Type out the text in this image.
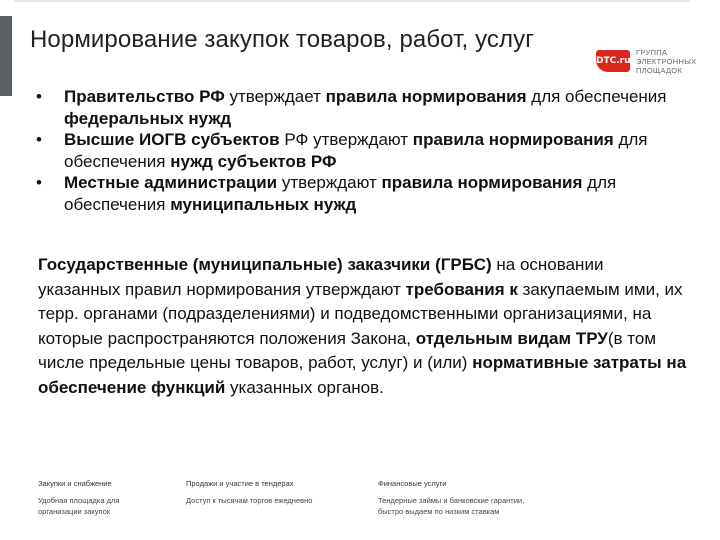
Нормирование закупок товаров, работ, услуг
DTC.ru
ГРУППА
ЭЛЕКТРОННЫХ
ПЛОЩАДОК
• Правительство РФ утверждает правила нормирования для обеспечения федеральных нужд
• Высшие ИОГВ субъектов РФ утверждают правила нормирования для обеспечения нужд субъектов РФ
• Местные администрации утверждают правила нормирования для обеспечения муниципальных нужд

Государственные (муниципальные) заказчики (ГРБС) на основании указанных правил нормирования утверждают требования к закупаемым ими, их терр. органами (подразделениями) и подведомственными организациями, на которые распространяются положения Закона, отдельным видам ТРУ(в том числе предельные цены товаров, работ, услуг) и (или) нормативные затраты на обеспечение функций указанных органов.

Закупки и снабжение
Удобная площадка для
организации закупок
Продажи и участие в тендерах
Доступ к тысячам торгов ежедневно
Финансовые услуги
Тендерные займы и банковские гарантии,
быстро выдаем по низким ставкам
